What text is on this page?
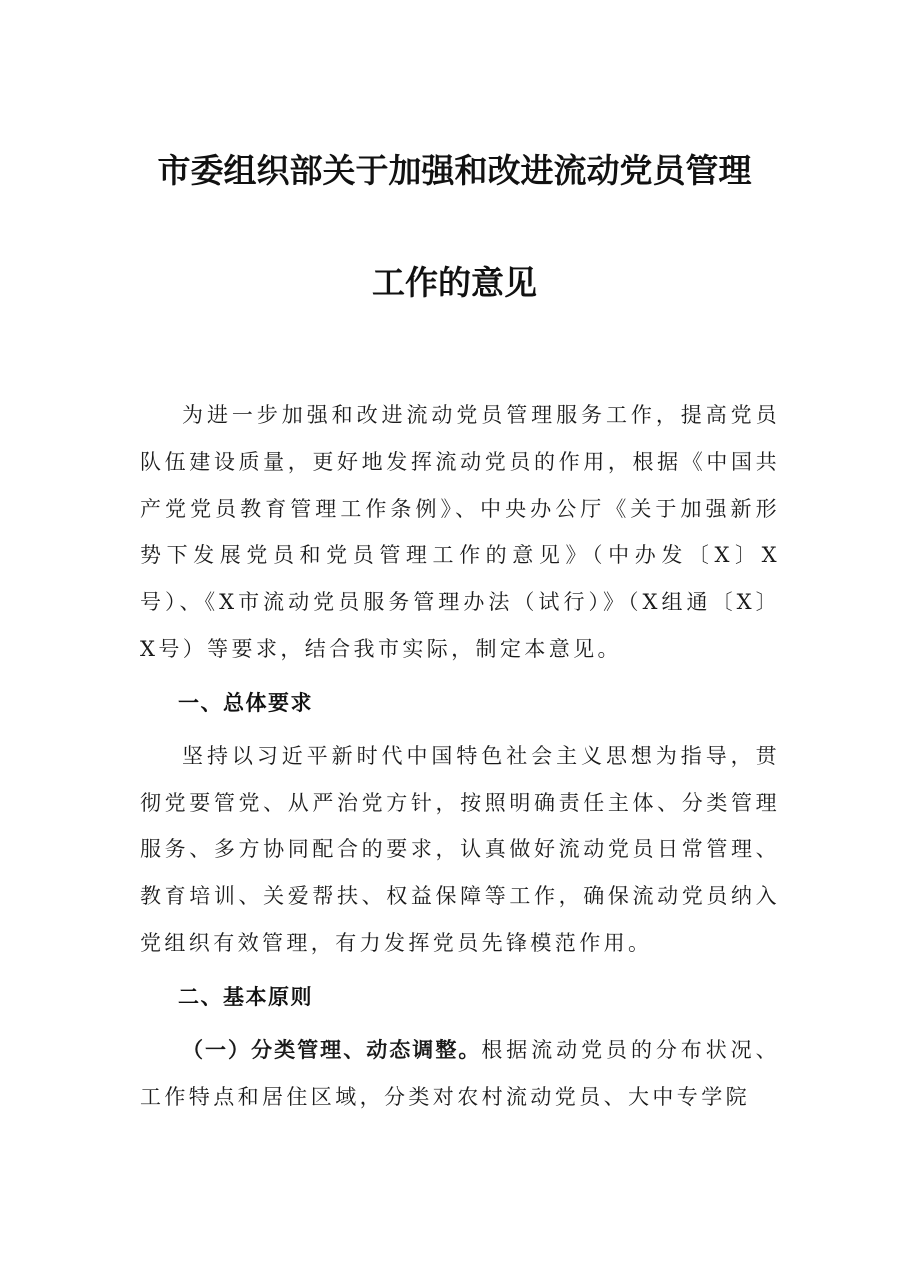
市委组织部关于加强和改进流动党员管理
工作的意见

为进一步加强和改进流动党员管理服务工作，提高党员队伍建设质量，更好地发挥流动党员的作用，根据《中国共产党党员教育管理工作条例》、中央办公厅《关于加强新形势下发展党员和党员管理工作的意见》（中办发〔X〕X号）、《X市流动党员服务管理办法（试行）》（X组通〔X〕X号）等要求，结合我市实际，制定本意见。

一、总体要求

坚持以习近平新时代中国特色社会主义思想为指导，贯彻党要管党、从严治党方针，按照明确责任主体、分类管理服务、多方协同配合的要求，认真做好流动党员日常管理、教育培训、关爱帮扶、权益保障等工作，确保流动党员纳入党组织有效管理，有力发挥党员先锋模范作用。

二、基本原则

（一）分类管理、动态调整。根据流动党员的分布状况、工作特点和居住区域，分类对农村流动党员、大中专学院
